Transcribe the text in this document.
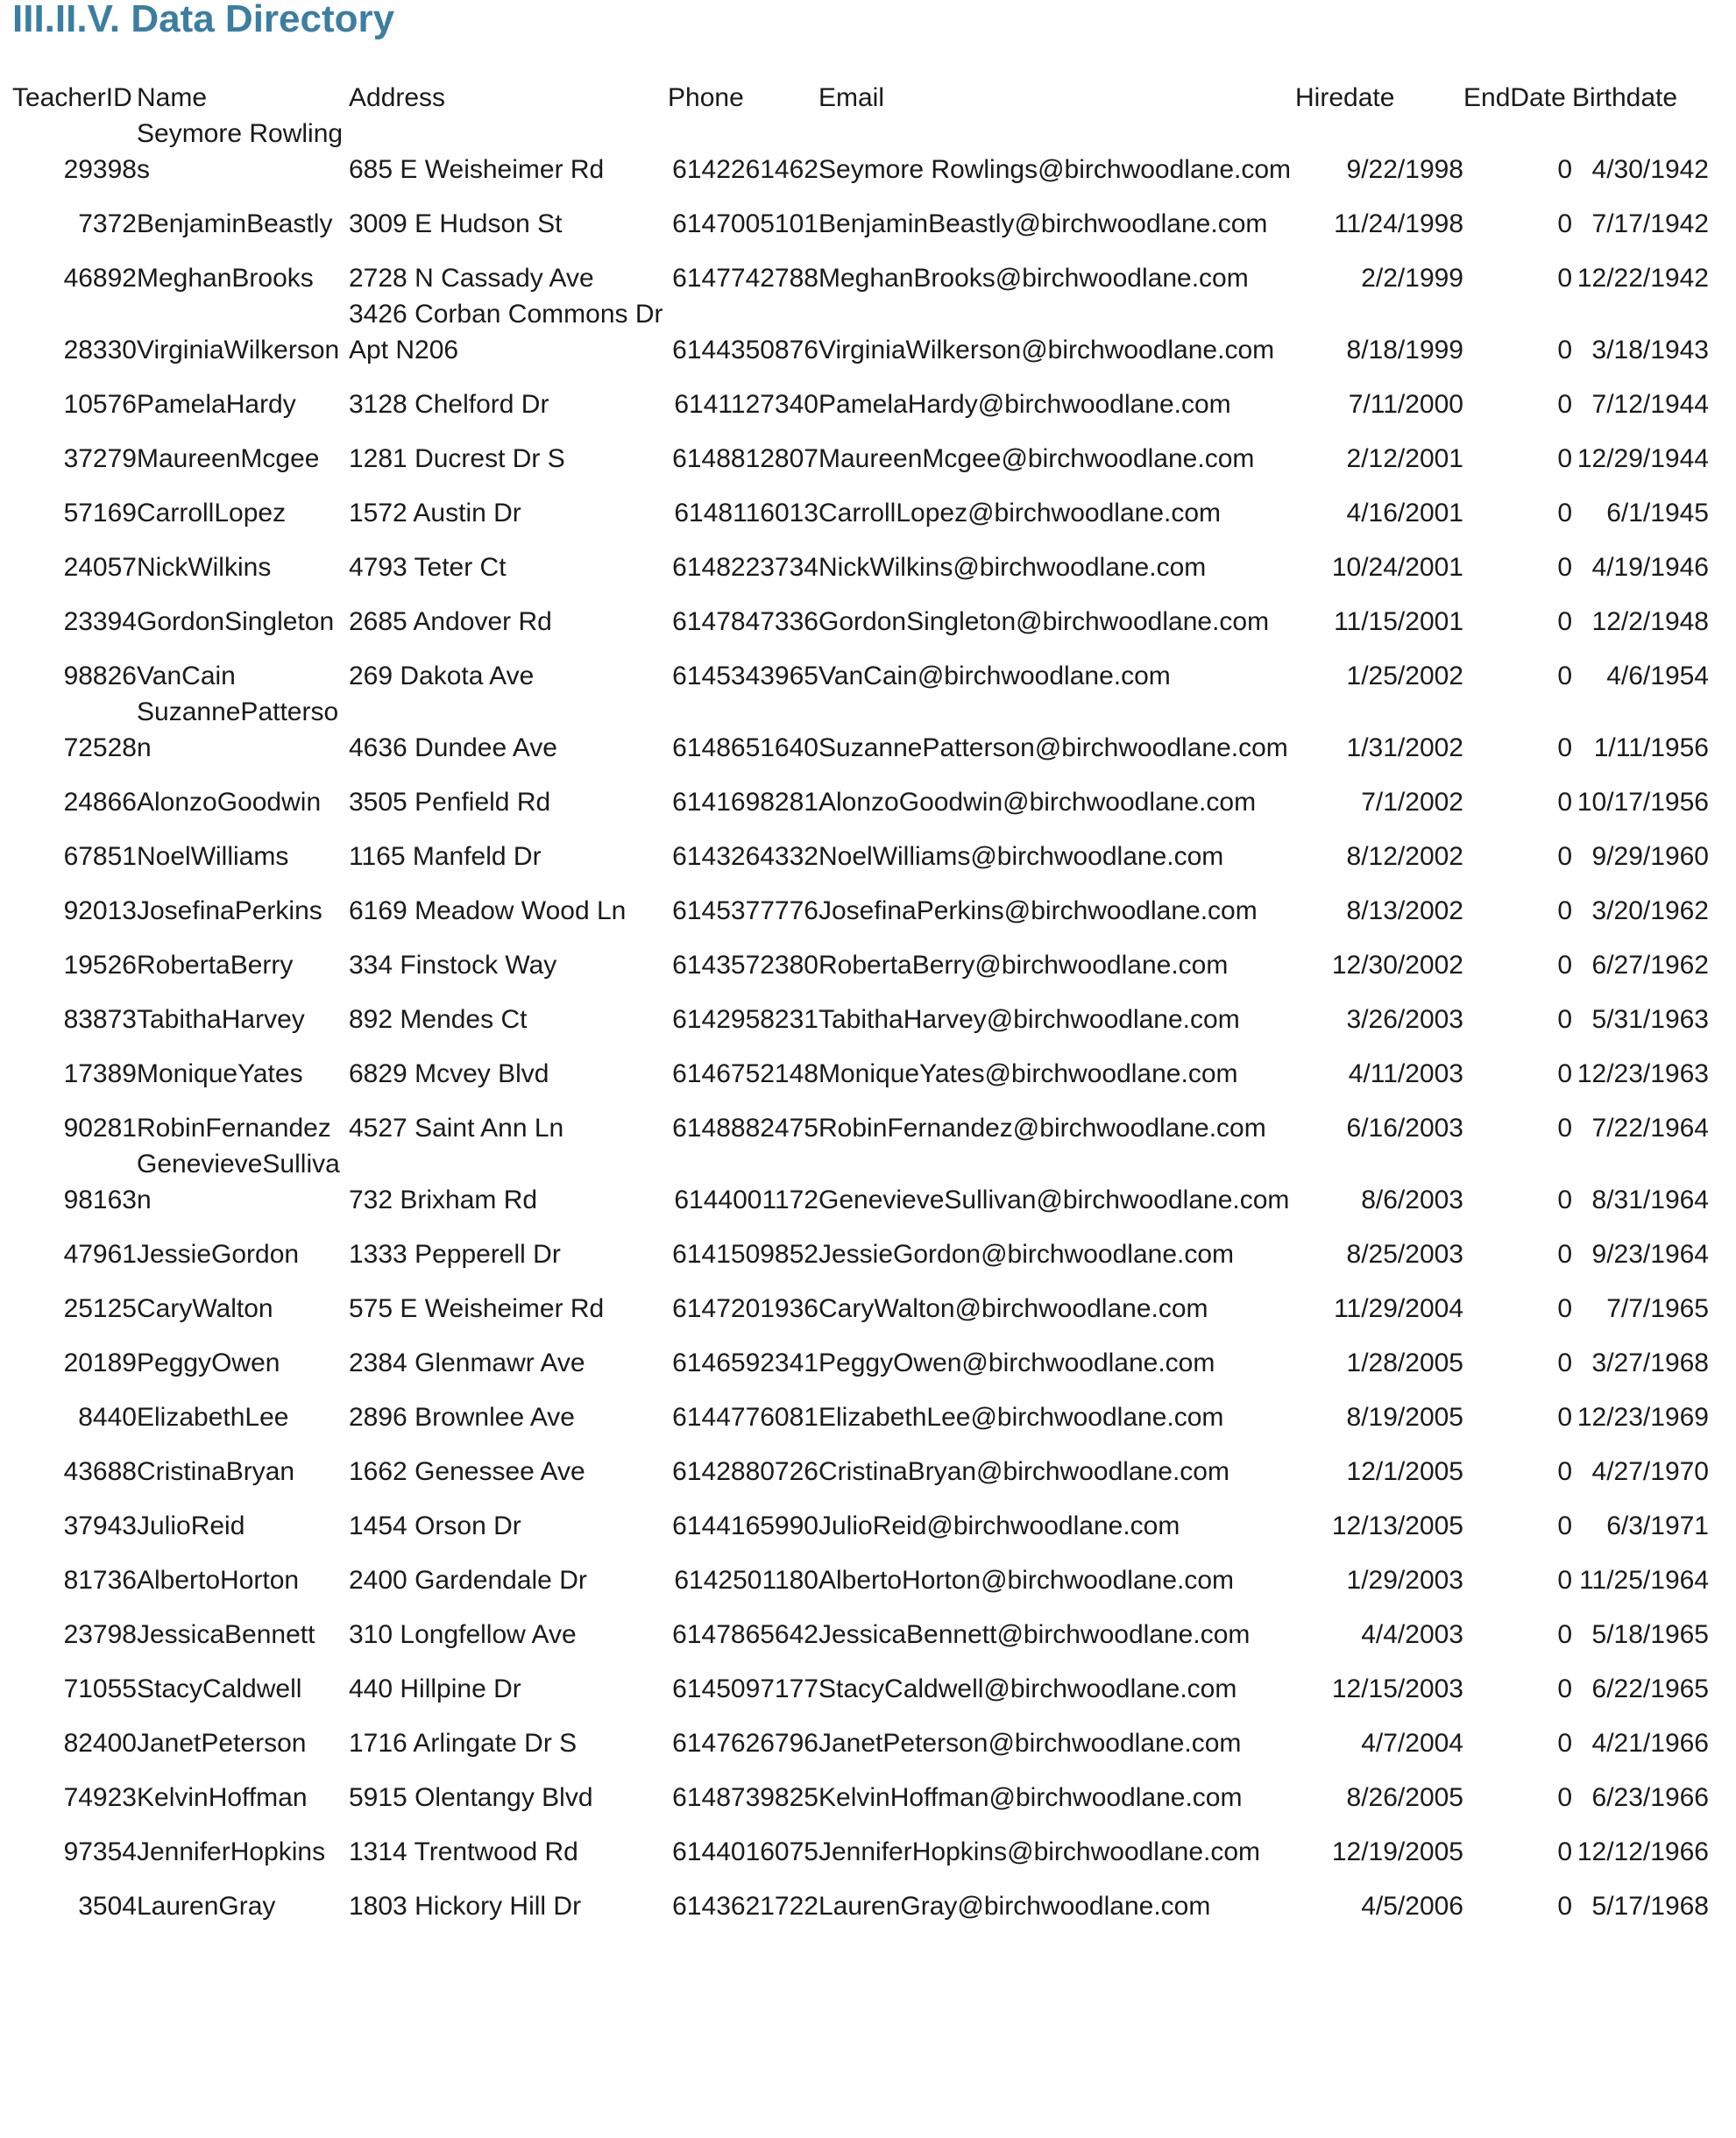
III.II.V. Data Directory
TeacherID	Name	Address	Phone	Email	Hiredate	EndDate	Birthdate
29398	Seymore Rowlings	685 E Weisheimer Rd	6142261462	Seymore Rowlings@birchwoodlane.com	9/22/1998	0	4/30/1942
7372	BenjaminBeastly	3009 E Hudson St	6147005101	BenjaminBeastly@birchwoodlane.com	11/24/1998	0	7/17/1942
46892	MeghanBrooks	2728 N Cassady Ave	6147742788	MeghanBrooks@birchwoodlane.com	2/2/1999	0	12/22/1942
28330	VirginiaWilkerson	3426 Corban Commons Dr Apt N206	6144350876	VirginiaWilkerson@birchwoodlane.com	8/18/1999	0	3/18/1943
10576	PamelaHardy	3128 Chelford Dr	6141127340	PamelaHardy@birchwoodlane.com	7/11/2000	0	7/12/1944
37279	MaureenMcgee	1281 Ducrest Dr S	6148812807	MaureenMcgee@birchwoodlane.com	2/12/2001	0	12/29/1944
57169	CarrollLopez	1572 Austin Dr	6148116013	CarrollLopez@birchwoodlane.com	4/16/2001	0	6/1/1945
24057	NickWilkins	4793 Teter Ct	6148223734	NickWilkins@birchwoodlane.com	10/24/2001	0	4/19/1946
23394	GordonSingleton	2685 Andover Rd	6147847336	GordonSingleton@birchwoodlane.com	11/15/2001	0	12/2/1948
98826	VanCain	269 Dakota Ave	6145343965	VanCain@birchwoodlane.com	1/25/2002	0	4/6/1954
72528	SuzannePatterson	4636 Dundee Ave	6148651640	SuzannePatterson@birchwoodlane.com	1/31/2002	0	1/11/1956
24866	AlonzoGoodwin	3505 Penfield Rd	6141698281	AlonzoGoodwin@birchwoodlane.com	7/1/2002	0	10/17/1956
67851	NoelWilliams	1165 Manfeld Dr	6143264332	NoelWilliams@birchwoodlane.com	8/12/2002	0	9/29/1960
92013	JosefinaPerkins	6169 Meadow Wood Ln	6145377776	JosefinaPerkins@birchwoodlane.com	8/13/2002	0	3/20/1962
19526	RobertaBerry	334 Finstock Way	6143572380	RobertaBerry@birchwoodlane.com	12/30/2002	0	6/27/1962
83873	TabithaHarvey	892 Mendes Ct	6142958231	TabithaHarvey@birchwoodlane.com	3/26/2003	0	5/31/1963
17389	MoniqueYates	6829 Mcvey Blvd	6146752148	MoniqueYates@birchwoodlane.com	4/11/2003	0	12/23/1963
90281	RobinFernandez	4527 Saint Ann Ln	6148882475	RobinFernandez@birchwoodlane.com	6/16/2003	0	7/22/1964
98163	GenevieveSullivan	732 Brixham Rd	6144001172	GenevieveSullivan@birchwoodlane.com	8/6/2003	0	8/31/1964
47961	JessieGordon	1333 Pepperell Dr	6141509852	JessieGordon@birchwoodlane.com	8/25/2003	0	9/23/1964
25125	CaryWalton	575 E Weisheimer Rd	6147201936	CaryWalton@birchwoodlane.com	11/29/2004	0	7/7/1965
20189	PeggyOwen	2384 Glenmawr Ave	6146592341	PeggyOwen@birchwoodlane.com	1/28/2005	0	3/27/1968
8440	ElizabethLee	2896 Brownlee Ave	6144776081	ElizabethLee@birchwoodlane.com	8/19/2005	0	12/23/1969
43688	CristinaBryan	1662 Genessee Ave	6142880726	CristinaBryan@birchwoodlane.com	12/1/2005	0	4/27/1970
37943	JulioReid	1454 Orson Dr	6144165990	JulioReid@birchwoodlane.com	12/13/2005	0	6/3/1971
81736	AlbertoHorton	2400 Gardendale Dr	6142501180	AlbertoHorton@birchwoodlane.com	1/29/2003	0	11/25/1964
23798	JessicaBennett	310 Longfellow Ave	6147865642	JessicaBennett@birchwoodlane.com	4/4/2003	0	5/18/1965
71055	StacyCaldwell	440 Hillpine Dr	6145097177	StacyCaldwell@birchwoodlane.com	12/15/2003	0	6/22/1965
82400	JanetPeterson	1716 Arlingate Dr S	6147626796	JanetPeterson@birchwoodlane.com	4/7/2004	0	4/21/1966
74923	KelvinHoffman	5915 Olentangy Blvd	6148739825	KelvinHoffman@birchwoodlane.com	8/26/2005	0	6/23/1966
97354	JenniferHopkins	1314 Trentwood Rd	6144016075	JenniferHopkins@birchwoodlane.com	12/19/2005	0	12/12/1966
3504	LaurenGray	1803 Hickory Hill Dr	6143621722	LaurenGray@birchwoodlane.com	4/5/2006	0	5/17/1968
